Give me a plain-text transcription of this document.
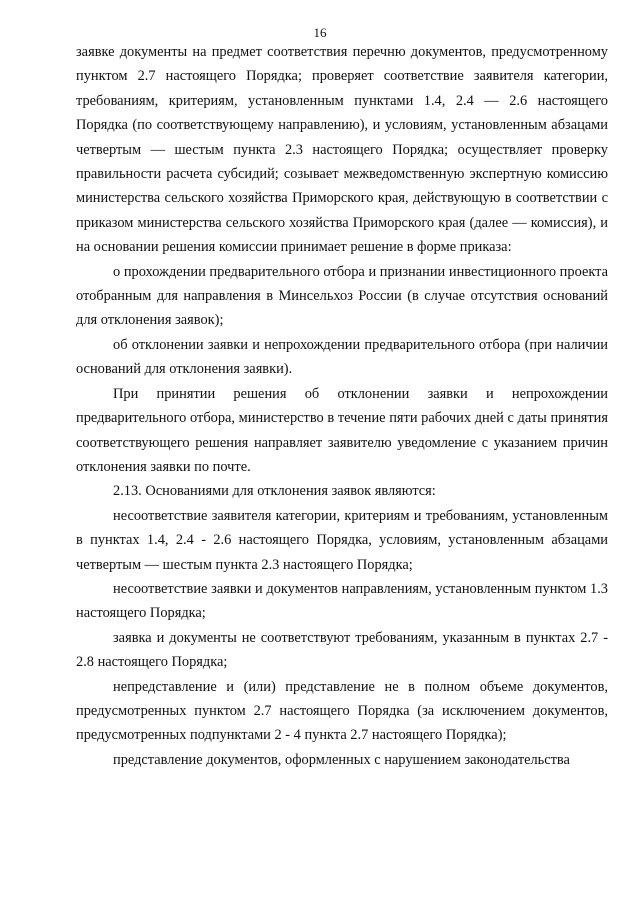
16

заявке документы на предмет соответствия перечню документов, предусмотренному пунктом 2.7 настоящего Порядка; проверяет соответствие заявителя категории, требованиям, критериям, установленным пунктами 1.4, 2.4 — 2.6 настоящего Порядка (по соответствующему направлению), и условиям, установленным абзацами четвертым — шестым пункта 2.3 настоящего Порядка; осуществляет проверку правильности расчета субсидий; созывает межведомственную экспертную комиссию министерства сельского хозяйства Приморского края, действующую в соответствии с приказом министерства сельского хозяйства Приморского края (далее — комиссия), и на основании решения комиссии принимает решение в форме приказа:

о прохождении предварительного отбора и признании инвестиционного проекта отобранным для направления в Минсельхоз России (в случае отсутствия оснований для отклонения заявок);

об отклонении заявки и непрохождении предварительного отбора (при наличии оснований для отклонения заявки).

При принятии решения об отклонении заявки и непрохождении предварительного отбора, министерство в течение пяти рабочих дней с даты принятия соответствующего решения направляет заявителю уведомление с указанием причин отклонения заявки по почте.

2.13. Основаниями для отклонения заявок являются:

несоответствие заявителя категории, критериям и требованиям, установленным в пунктах 1.4, 2.4 - 2.6 настоящего Порядка, условиям, установленным абзацами четвертым — шестым пункта 2.3 настоящего Порядка;

несоответствие заявки и документов направлениям, установленным пунктом 1.3 настоящего Порядка;

заявка и документы не соответствуют требованиям, указанным в пунктах 2.7 - 2.8 настоящего Порядка;

непредставление и (или) представление не в полном объеме документов, предусмотренных пунктом 2.7 настоящего Порядка (за исключением документов, предусмотренных подпунктами 2 - 4 пункта 2.7 настоящего Порядка);

представление документов, оформленных с нарушением законодательства
